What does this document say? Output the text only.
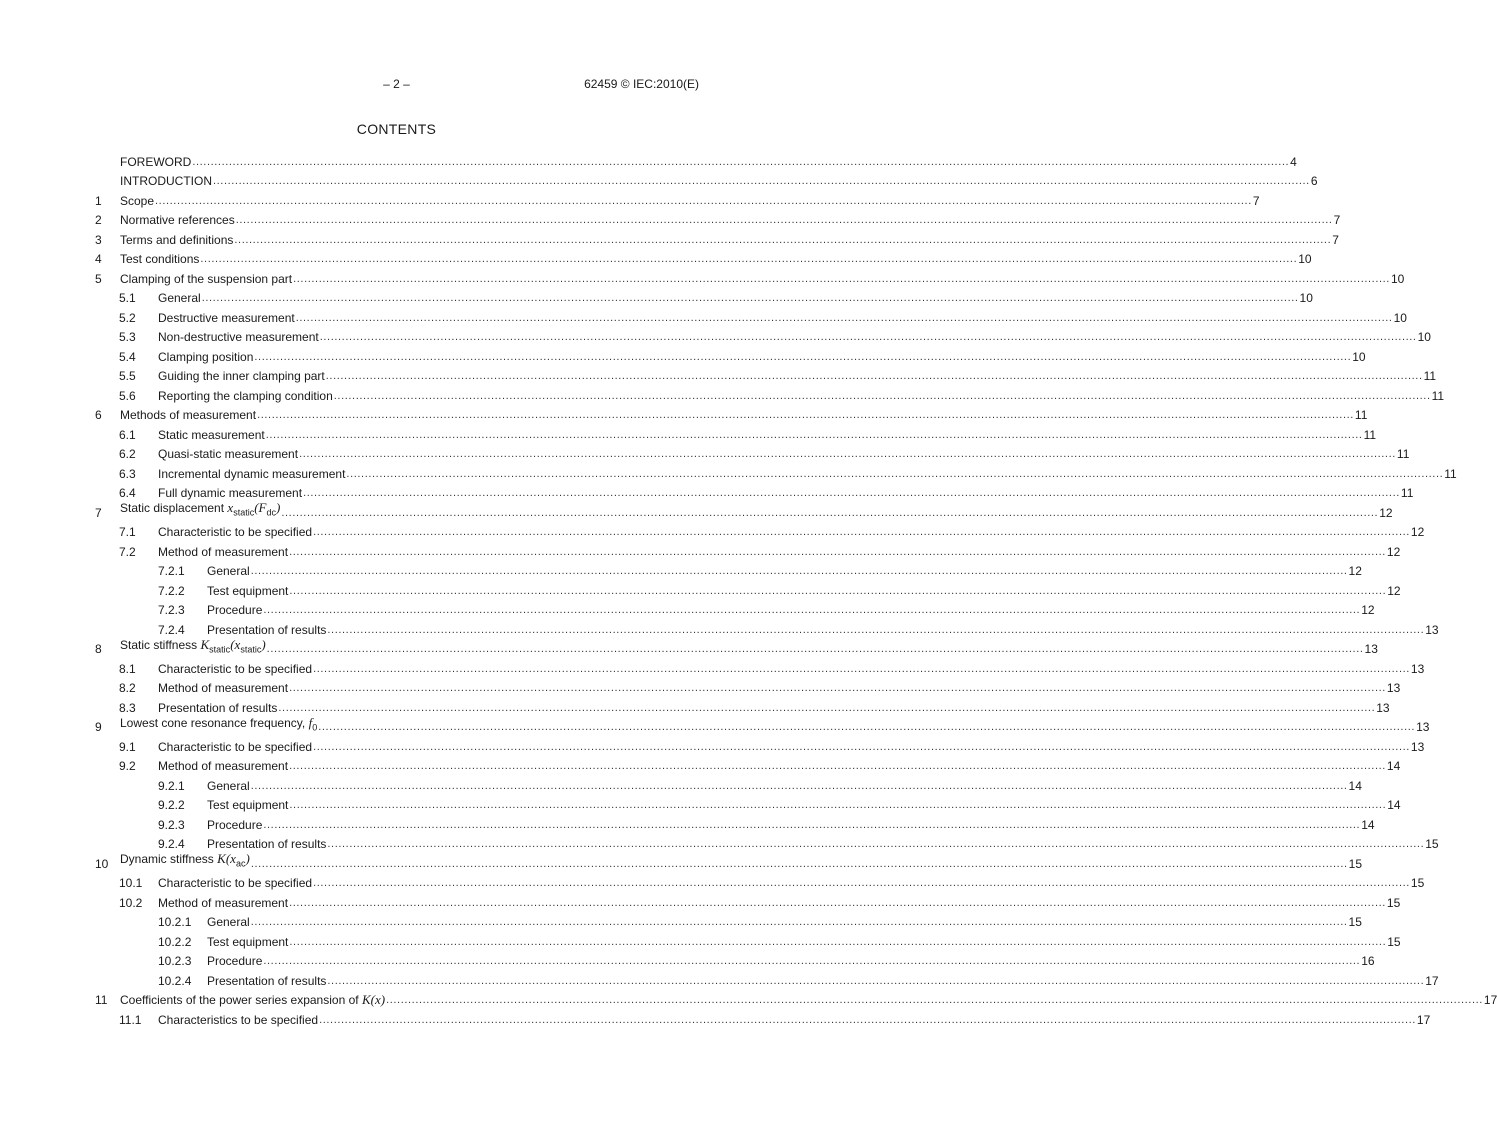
– 2 –	62459 © IEC:2010(E)
CONTENTS
FOREWORD ............................................................................................................................................................................................................................................................................................................ 4
INTRODUCTION ............................................................................................................................................................................................................................................................................................................ 6
1	Scope ............................................................................................................................................................................................................................................................................................................ 7
2	Normative references ............................................................................................................................................................................................................................................................................................................ 7
3	Terms and definitions ............................................................................................................................................................................................................................................................................................................ 7
4	Test conditions ............................................................................................................................................................................................................................................................................................................ 10
5	Clamping of the suspension part ............................................................................................................................................................................................................................................................................................................ 10
5.1	General ............................................................................................................................................................................................................................................................................................................ 10
5.2	Destructive measurement ............................................................................................................................................................................................................................................................................................................ 10
5.3	Non-destructive measurement ............................................................................................................................................................................................................................................................................................................ 10
5.4	Clamping position ............................................................................................................................................................................................................................................................................................................ 10
5.5	Guiding the inner clamping part ............................................................................................................................................................................................................................................................................................................ 11
5.6	Reporting the clamping condition ............................................................................................................................................................................................................................................................................................................ 11
6	Methods of measurement ............................................................................................................................................................................................................................................................................................................ 11
6.1	Static measurement ............................................................................................................................................................................................................................................................................................................ 11
6.2	Quasi-static measurement ............................................................................................................................................................................................................................................................................................................ 11
6.3	Incremental dynamic measurement ............................................................................................................................................................................................................................................................................................................ 11
6.4	Full dynamic measurement ............................................................................................................................................................................................................................................................................................................ 11
7	Static displacement $x_{static}(F_{dc})$ ............................................................................................................................................................................................................................................................................................................ 12
7.1	Characteristic to be specified ............................................................................................................................................................................................................................................................................................................ 12
7.2	Method of measurement ............................................................................................................................................................................................................................................................................................................ 12
7.2.1	General ............................................................................................................................................................................................................................................................................................................ 12
7.2.2	Test equipment ............................................................................................................................................................................................................................................................................................................ 12
7.2.3	Procedure ............................................................................................................................................................................................................................................................................................................ 12
7.2.4	Presentation of results ............................................................................................................................................................................................................................................................................................................ 13
8	Static stiffness $K_{static}(x_{static})$ ............................................................................................................................................................................................................................................................................................................ 13
8.1	Characteristic to be specified ............................................................................................................................................................................................................................................................................................................ 13
8.2	Method of measurement ............................................................................................................................................................................................................................................................................................................ 13
8.3	Presentation of results ............................................................................................................................................................................................................................................................................................................ 13
9	Lowest cone resonance frequency, $f_0$ ............................................................................................................................................................................................................................................................................................................ 13
9.1	Characteristic to be specified ............................................................................................................................................................................................................................................................................................................ 13
9.2	Method of measurement ............................................................................................................................................................................................................................................................................................................ 14
9.2.1	General ............................................................................................................................................................................................................................................................................................................ 14
9.2.2	Test equipment ............................................................................................................................................................................................................................................................................................................ 14
9.2.3	Procedure ............................................................................................................................................................................................................................................................................................................ 14
9.2.4	Presentation of results ............................................................................................................................................................................................................................................................................................................ 15
10 Dynamic stiffness $K(x_{ac})$ ............................................................................................................................................................................................................................................................................................................ 15
10.1	Characteristic to be specified ............................................................................................................................................................................................................................................................................................................ 15
10.2	Method of measurement ............................................................................................................................................................................................................................................................................................................ 15
10.2.1	General ............................................................................................................................................................................................................................................................................................................ 15
10.2.2	Test equipment ............................................................................................................................................................................................................................................................................................................ 15
10.2.3	Procedure ............................................................................................................................................................................................................................................................................................................ 16
10.2.4	Presentation of results ............................................................................................................................................................................................................................................................................................................ 17
11	Coefficients of the power series expansion of K(x) ............................................................................................................................................................................................................................................................................................................ 17
11.1	Characteristics to be specified ............................................................................................................................................................................................................................................................................................................ 17
